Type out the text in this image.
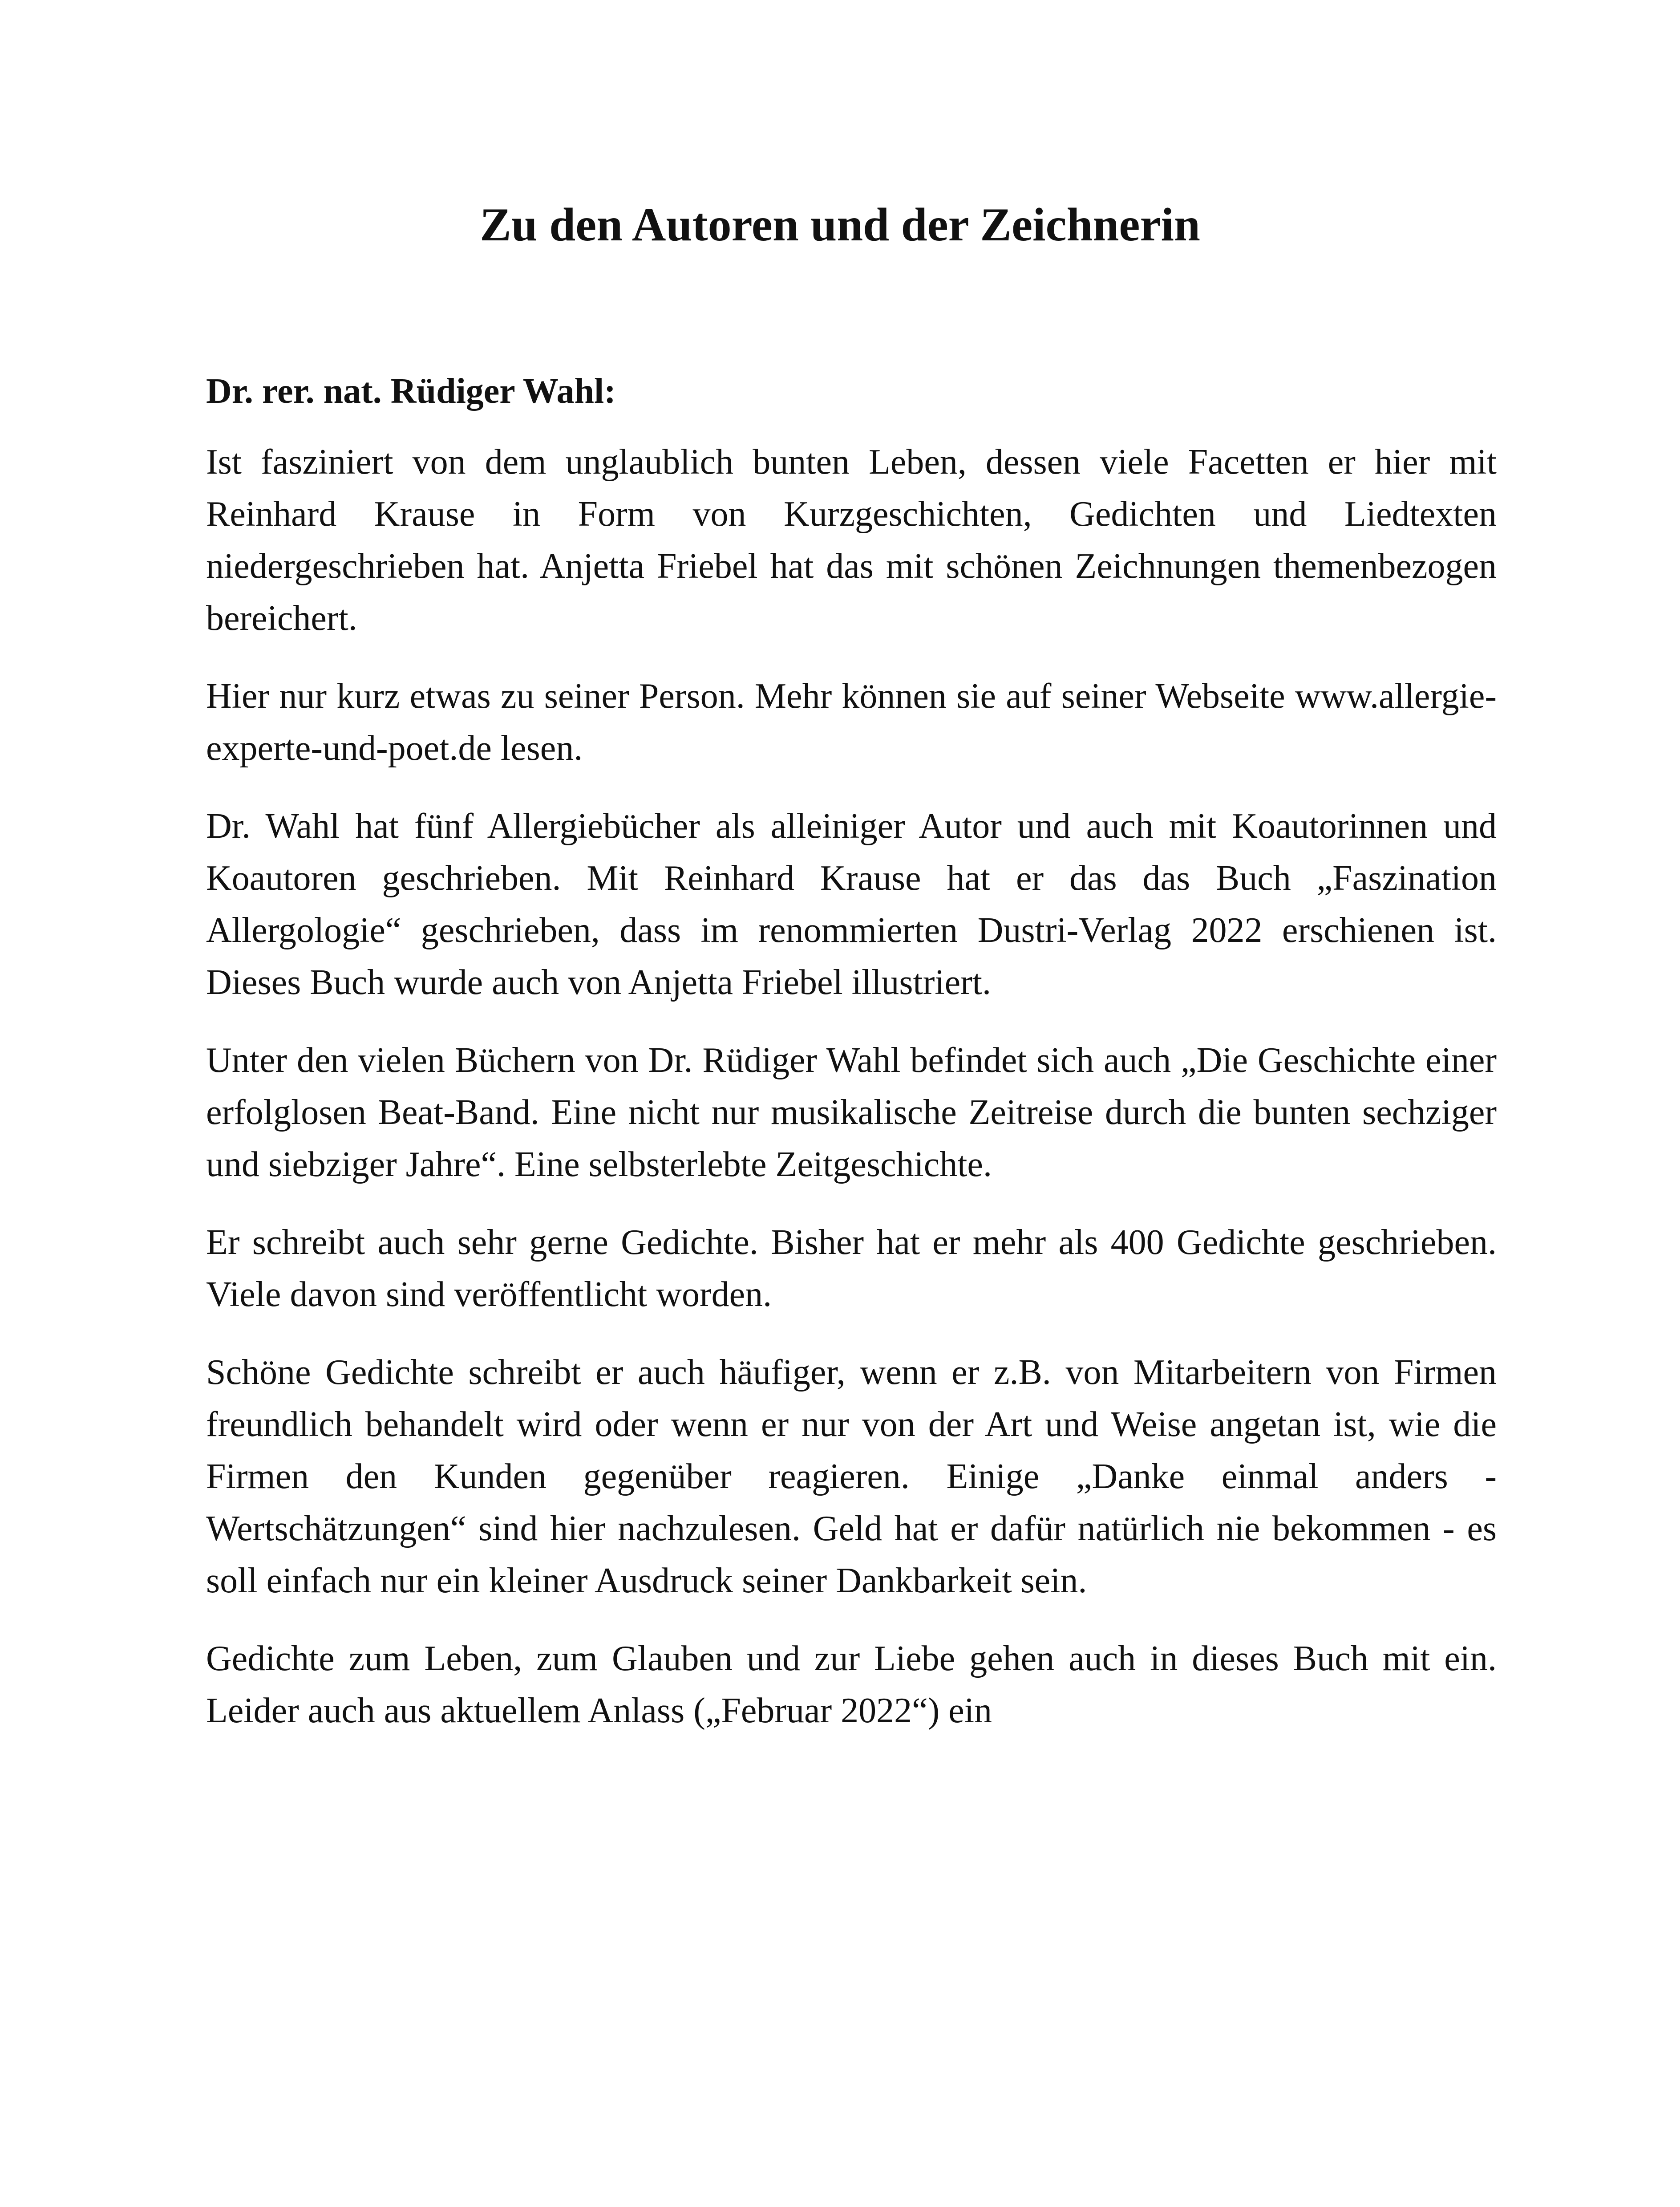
Zu den Autoren und der Zeichnerin

Dr. rer. nat. Rüdiger Wahl:

Ist fasziniert von dem unglaublich bunten Leben, dessen viele Facetten er hier mit Reinhard Krause in Form von Kurzgeschichten, Gedichten und Liedtexten niedergeschrieben hat. Anjetta Friebel hat das mit schönen Zeichnungen themenbezogen bereichert.

Hier nur kurz etwas zu seiner Person. Mehr können sie auf seiner Webseite www.allergie-experte-und-poet.de lesen.

Dr. Wahl hat fünf Allergiebücher als alleiniger Autor und auch mit Koautorinnen und Koautoren geschrieben. Mit Reinhard Krause hat er das das Buch „Faszination Allergologie“ geschrieben, dass im renommierten Dustri-Verlag 2022 erschienen ist. Dieses Buch wurde auch von Anjetta Friebel illustriert.

Unter den vielen Büchern von Dr. Rüdiger Wahl befindet sich auch „Die Geschichte einer erfolglosen Beat-Band. Eine nicht nur musikalische Zeitreise durch die bunten sechziger und siebziger Jahre“. Eine selbsterlebte Zeitgeschichte.

Er schreibt auch sehr gerne Gedichte. Bisher hat er mehr als 400 Gedichte geschrieben. Viele davon sind veröffentlicht worden.

Schöne Gedichte schreibt er auch häufiger, wenn er z.B. von Mitarbeitern von Firmen freundlich behandelt wird oder wenn er nur von der Art und Weise angetan ist, wie die Firmen den Kunden gegenüber reagieren. Einige „Danke einmal anders - Wertschätzungen“ sind hier nachzulesen. Geld hat er dafür natürlich nie bekommen - es soll einfach nur ein kleiner Ausdruck seiner Dankbarkeit sein.

Gedichte zum Leben, zum Glauben und zur Liebe gehen auch in dieses Buch mit ein. Leider auch aus aktuellem Anlass („Februar 2022“) ein
